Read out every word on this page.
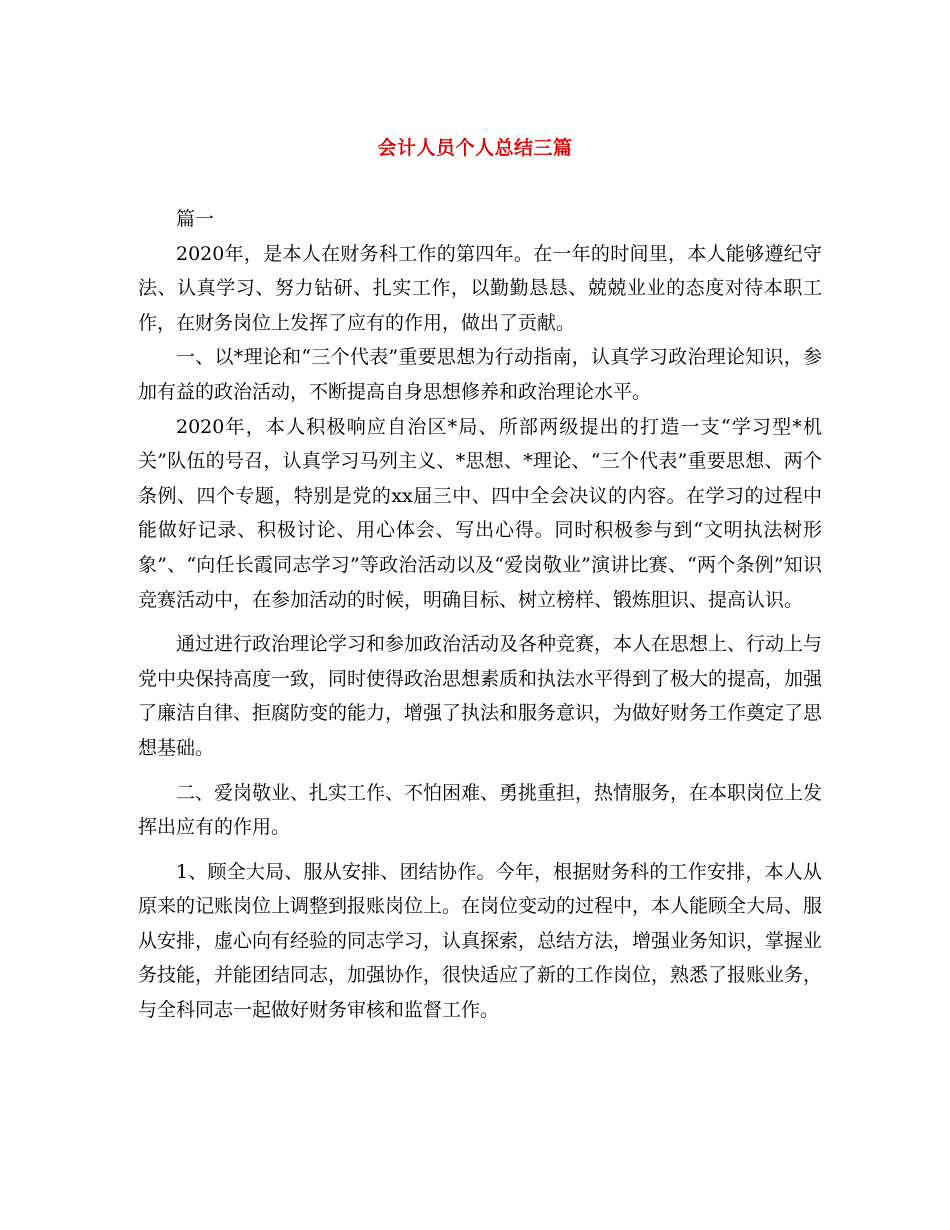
会计人员个人总结三篇

篇一

2020年，是本人在财务科工作的第四年。在一年的时间里，本人能够遵纪守法、认真学习、努力钻研、扎实工作，以勤勤恳恳、兢兢业业的态度对待本职工作，在财务岗位上发挥了应有的作用，做出了贡献。

一、以*理论和“三个代表”重要思想为行动指南，认真学习政治理论知识，参加有益的政治活动，不断提高自身思想修养和政治理论水平。

2020年，本人积极响应自治区*局、所部两级提出的打造一支“学习型*机关”队伍的号召，认真学习马列主义、*思想、*理论、“三个代表”重要思想、两个条例、四个专题，特别是党的xx届三中、四中全会决议的内容。在学习的过程中能做好记录、积极讨论、用心体会、写出心得。同时积极参与到“文明执法树形象”、“向任长霞同志学习”等政治活动以及“爱岗敬业”演讲比赛、“两个条例”知识竞赛活动中，在参加活动的时候，明确目标、树立榜样、锻炼胆识、提高认识。

通过进行政治理论学习和参加政治活动及各种竞赛，本人在思想上、行动上与党中央保持高度一致，同时使得政治思想素质和执法水平得到了极大的提高，加强了廉洁自律、拒腐防变的能力，增强了执法和服务意识，为做好财务工作奠定了思想基础。

二、爱岗敬业、扎实工作、不怕困难、勇挑重担，热情服务，在本职岗位上发挥出应有的作用。

1、顾全大局、服从安排、团结协作。今年，根据财务科的工作安排，本人从原来的记账岗位上调整到报账岗位上。在岗位变动的过程中，本人能顾全大局、服从安排，虚心向有经验的同志学习，认真探索，总结方法，增强业务知识，掌握业务技能，并能团结同志，加强协作，很快适应了新的工作岗位，熟悉了报账业务，与全科同志一起做好财务审核和监督工作。
